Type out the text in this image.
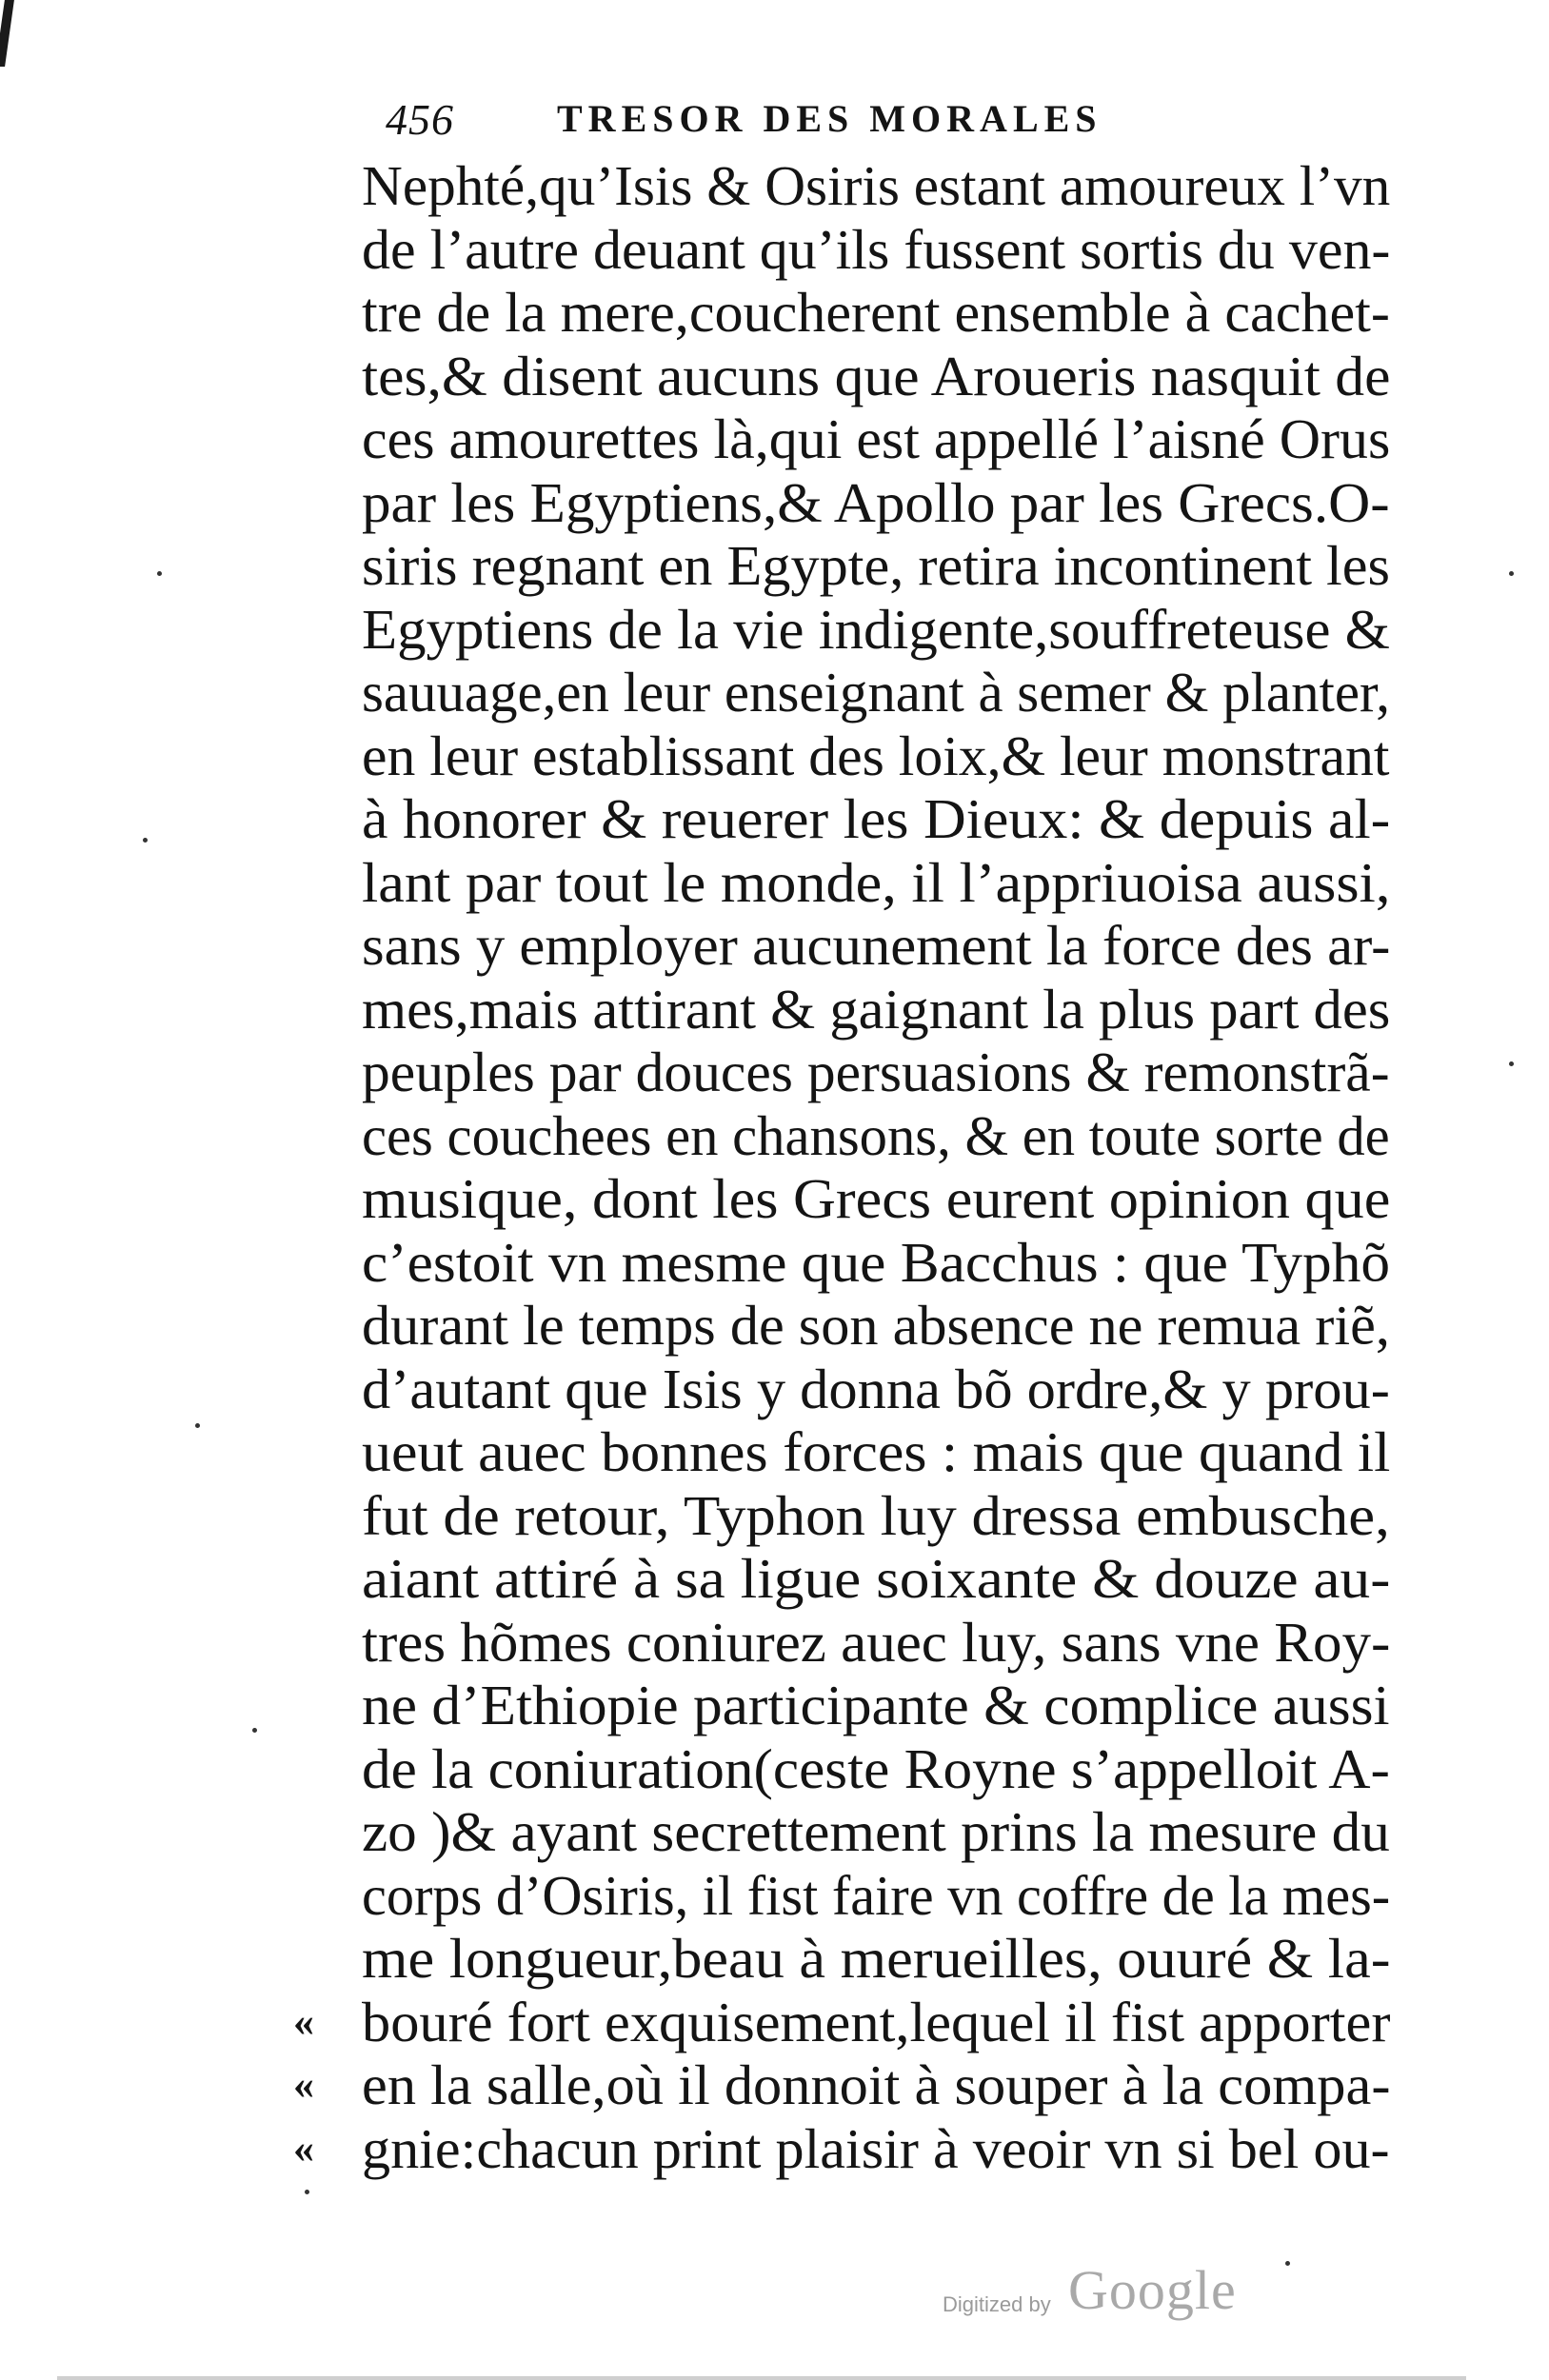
456	TRESOR DES MORALES
Nephté,qu’Isis & Osiris estant amoureux l’vn
de l’autre deuant qu’ils fussent sortis du ven-
tre de la mere,coucherent ensemble à cachet-
tes,& disent aucuns que Aroueris nasquit de
ces amourettes là,qui est appellé l’aisné Orus
par les Egyptiens,& Apollo par les Grecs.O-
siris regnant en Egypte, retira incontinent les
Egyptiens de la vie indigente,souffreteuse &
sauuage,en leur enseignant à semer & planter,
en leur establissant des loix,& leur monstrant
à honorer & reuerer les Dieux: & depuis al-
lant par tout le monde, il l’appriuoisa aussi,
sans y employer aucunement la force des ar-
mes,mais attirant & gaignant la plus part des
peuples par douces persuasions & remonstrã-
ces couchees en chansons, & en toute sorte de
musique, dont les Grecs eurent opinion que
c’estoit vn mesme que Bacchus : que Typhõ
durant le temps de son absence ne remua riẽ,
d’autant que Isis y donna bõ ordre,& y prou-
ueut auec bonnes forces : mais que quand il
fut de retour, Typhon luy dressa embusche,
aiant attiré à sa ligue soixante & douze au-
tres hõmes coniurez auec luy, sans vne Roy-
ne d’Ethiopie participante & complice aussi
de la coniuration(ceste Royne s’appelloit A-
zo )& ayant secrettement prins la mesure du
corps d’Osiris, il fist faire vn coffre de la mes-
me longueur,beau à merueilles, ouuré & la-
« bouré fort exquisement,lequel il fist apporter
« en la salle,où il donnoit à souper à la compa-
« gnie:chacun print plaisir à veoir vn si bel ou-
Digitized by Google
